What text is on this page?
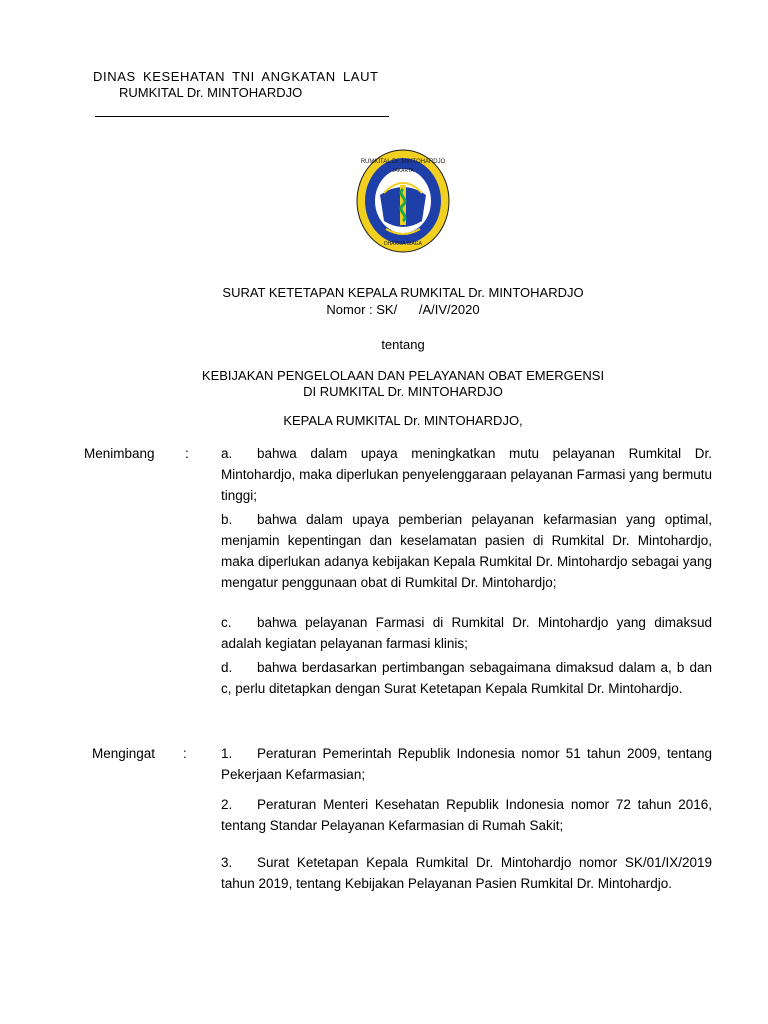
DINAS KESEHATAN TNI ANGKATAN LAUT
RUMKITAL Dr. MINTOHARDJO
RUMKITAL Dr. MINTOHARDJO
JAKARTA
DHARMA SIAGA
SURAT KETETAPAN KEPALA RUMKITAL Dr. MINTOHARDJO
Nomor : SK/      /A/IV/2020
tentang
KEBIJAKAN PENGELOLAAN DAN PELAYANAN OBAT EMERGENSI
DI RUMKITAL Dr. MINTOHARDJO
KEPALA RUMKITAL Dr. MINTOHARDJO,
Menimbang : a. bahwa dalam upaya meningkatkan mutu pelayanan Rumkital Dr. Mintohardjo, maka diperlukan penyelenggaraan pelayanan Farmasi yang bermutu tinggi;
b. bahwa dalam upaya pemberian pelayanan kefarmasian yang optimal, menjamin kepentingan dan keselamatan pasien di Rumkital Dr. Mintohardjo, maka diperlukan adanya kebijakan Kepala Rumkital Dr. Mintohardjo sebagai yang mengatur penggunaan obat di Rumkital Dr. Mintohardjo;
c. bahwa pelayanan Farmasi di Rumkital Dr. Mintohardjo yang dimaksud adalah kegiatan pelayanan farmasi klinis;
d. bahwa berdasarkan pertimbangan sebagaimana dimaksud dalam a, b dan c, perlu ditetapkan dengan Surat Ketetapan Kepala Rumkital Dr. Mintohardjo.
Mengingat :	1. Peraturan Pemerintah Republik Indonesia nomor 51 tahun 2009, tentang Pekerjaan Kefarmasian;
2. Peraturan Menteri Kesehatan Republik Indonesia nomor 72 tahun 2016, tentang Standar Pelayanan Kefarmasian di Rumah Sakit;
3. Surat Ketetapan Kepala Rumkital Dr. Mintohardjo nomor SK/01/IX/2019 tahun 2019, tentang Kebijakan Pelayanan Pasien Rumkital Dr. Mintohardjo.
